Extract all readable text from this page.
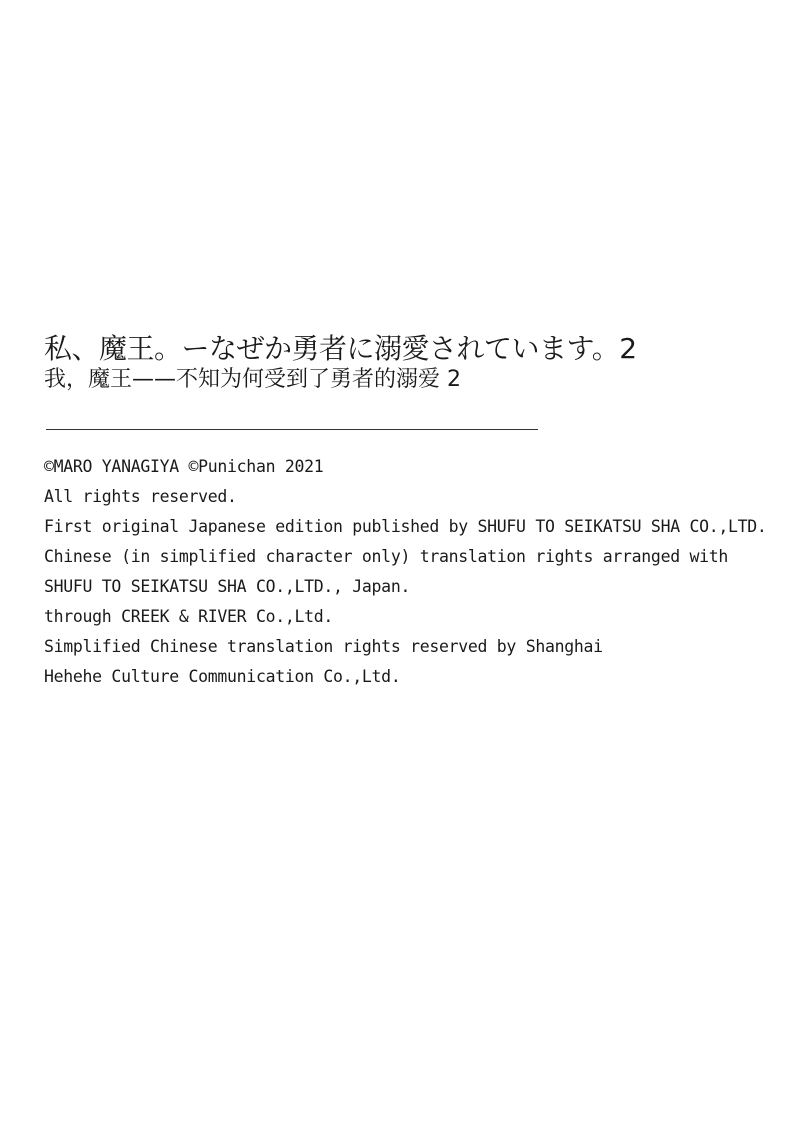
私、魔王。ーなぜか勇者に溺愛されています。2
我，魔王——不知为何受到了勇者的溺爱 2
©MARO YANAGIYA ©Punichan 2021
All rights reserved.
First original Japanese edition published by SHUFU TO SEIKATSU SHA CO.,LTD.
Chinese (in simplified character only) translation rights arranged with
SHUFU TO SEIKATSU SHA CO.,LTD., Japan.
through CREEK & RIVER Co.,Ltd.
Simplified Chinese translation rights reserved by Shanghai
Hehehe Culture Communication Co.,Ltd.
